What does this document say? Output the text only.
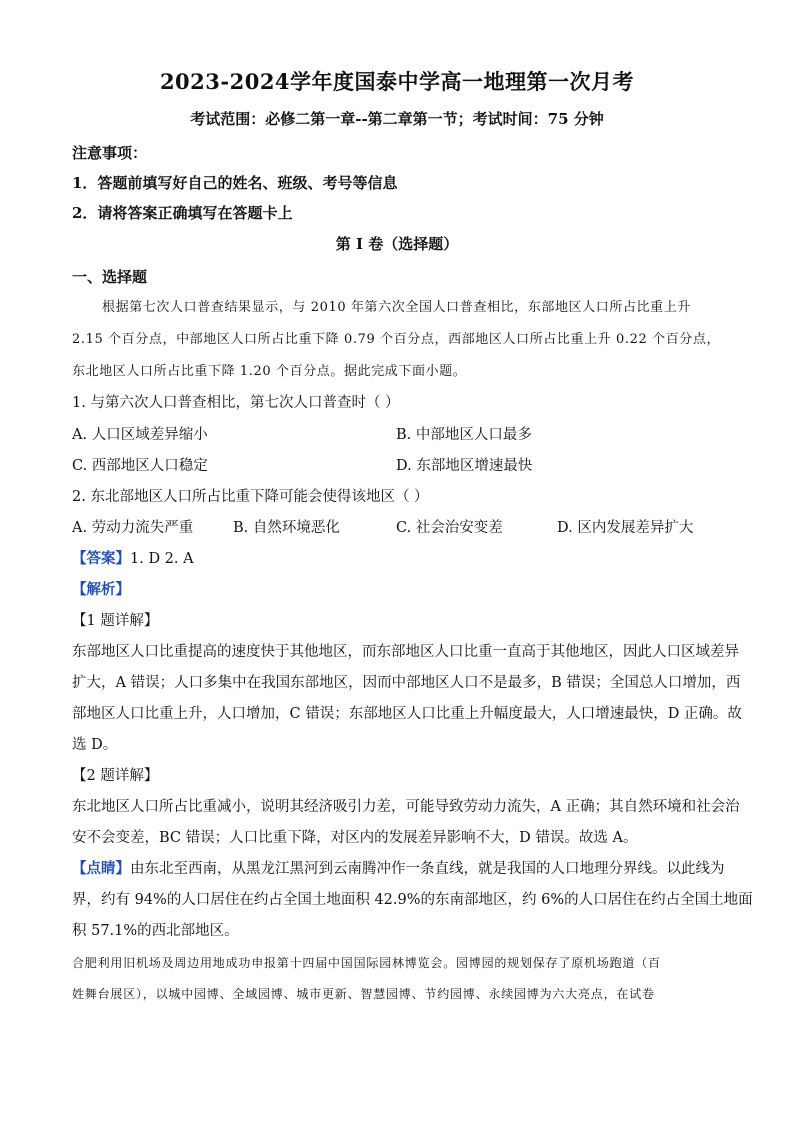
2023-2024学年度国泰中学高一地理第一次月考
考试范围：必修二第一章--第二章第一节；考试时间：75 分钟
注意事项：
1．答题前填写好自己的姓名、班级、考号等信息
2．请将答案正确填写在答题卡上
第 I 卷（选择题）
一、选择题
根据第七次人口普查结果显示，与 2010 年第六次全国人口普查相比，东部地区人口所占比重上升
2.15 个百分点，中部地区人口所占比重下降 0.79 个百分点，西部地区人口所占比重上升 0.22 个百分点，
东北地区人口所占比重下降 1.20 个百分点。据此完成下面小题。
1. 与第六次人口普查相比，第七次人口普查时（ ）
A. 人口区域差异缩小	B. 中部地区人口最多
C. 西部地区人口稳定	D. 东部地区增速最快
2. 东北部地区人口所占比重下降可能会使得该地区（ ）
A. 劳动力流失严重	B. 自然环境恶化	C. 社会治安变差	D. 区内发展差异扩大
【答案】1. D 2. A
【解析】
【1 题详解】
东部地区人口比重提高的速度快于其他地区，而东部地区人口比重一直高于其他地区，因此人口区域差异
扩大，A 错误；人口多集中在我国东部地区，因而中部地区人口不是最多，B 错误；全国总人口增加，西
部地区人口比重上升，人口增加，C 错误；东部地区人口比重上升幅度最大，人口增速最快，D 正确。故
选 D。
【2 题详解】
东北地区人口所占比重减小，说明其经济吸引力差，可能导致劳动力流失，A 正确；其自然环境和社会治
安不会变差，BC 错误；人口比重下降，对区内的发展差异影响不大，D 错误。故选 A。
【点睛】由东北至西南，从黑龙江黑河到云南腾冲作一条直线，就是我国的人口地理分界线。以此线为
界，约有 94%的人口居住在约占全国土地面积 42.9%的东南部地区，约 6%的人口居住在约占全国土地面
积 57.1%的西北部地区。
合肥利用旧机场及周边用地成功申报第十四届中国国际园林博览会。园博园的规划保存了原机场跑道（百
姓舞台展区），以城中园博、全域园博、城市更新、智慧园博、节约园博、永续园博为六大亮点，在试卷
